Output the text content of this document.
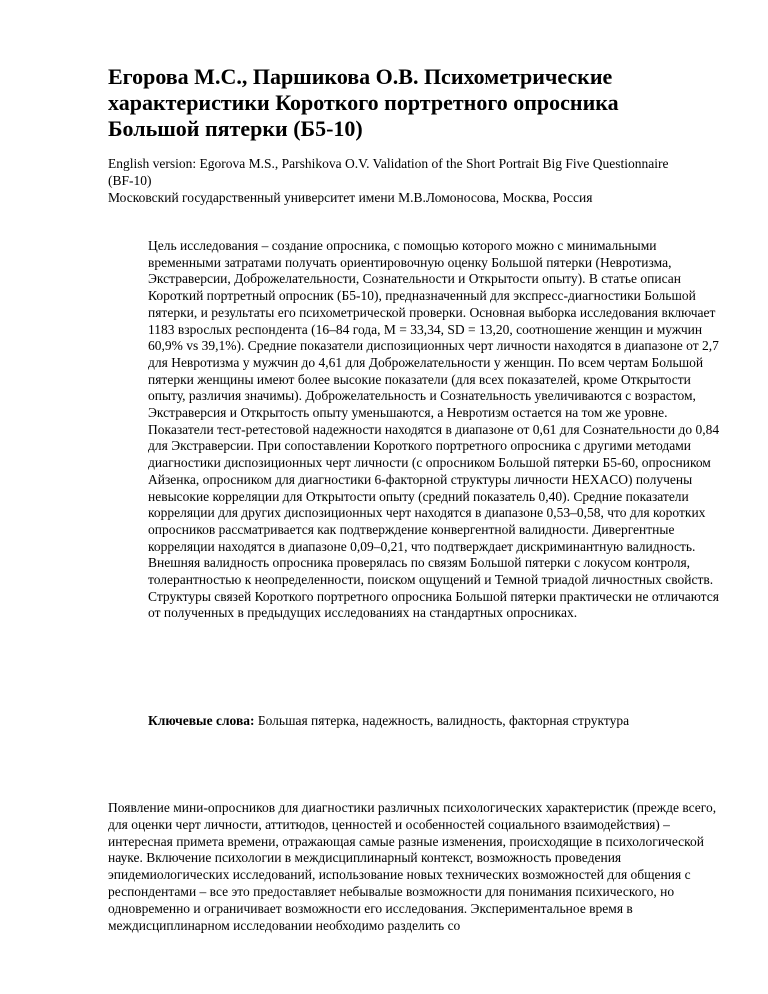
Егорова М.С., Паршикова О.В. Психометрические характеристики Короткого портретного опросника Большой пятерки (Б5-10)
English version: Egorova M.S., Parshikova O.V. Validation of the Short Portrait Big Five Questionnaire (BF-10)
Московский государственный университет имени М.В.Ломоносова, Москва, Россия

Цель исследования – создание опросника, с помощью которого можно с минимальными временными затратами получать ориентировочную оценку Большой пятерки (Невротизма, Экстраверсии, Доброжелательности, Сознательности и Открытости опыту). В статье описан Короткий портретный опросник (Б5-10), предназначенный для экспресс-диагностики Большой пятерки, и результаты его психометрической проверки. Основная выборка исследования включает 1183 взрослых респондента (16–84 года, M = 33,34, SD = 13,20, соотношение женщин и мужчин 60,9% vs 39,1%). Средние показатели диспозиционных черт личности находятся в диапазоне от 2,7 для Невротизма у мужчин до 4,61 для Доброжелательности у женщин. По всем чертам Большой пятерки женщины имеют более высокие показатели (для всех показателей, кроме Открытости опыту, различия значимы). Доброжелательность и Сознательность увеличиваются с возрастом, Экстраверсия и Открытость опыту уменьшаются, а Невротизм остается на том же уровне. Показатели тест-ретестовой надежности находятся в диапазоне от 0,61 для Сознательности до 0,84 для Экстраверсии. При сопоставлении Короткого портретного опросника с другими методами диагностики диспозиционных черт личности (с опросником Большой пятерки Б5-60, опросником Айзенка, опросником для диагностики 6-факторной структуры личности HEXACO) получены невысокие корреляции для Открытости опыту (средний показатель 0,40). Средние показатели корреляции для других диспозиционных черт находятся в диапазоне 0,53–0,58, что для коротких опросников рассматривается как подтверждение конвергентной валидности. Дивергентные корреляции находятся в диапазоне 0,09–0,21, что подтверждает дискриминантную валидность. Внешняя валидность опросника проверялась по связям Большой пятерки с локусом контроля, толерантностью к неопределенности, поиском ощущений и Темной триадой личностных свойств. Структуры связей Короткого портретного опросника Большой пятерки практически не отличаются от полученных в предыдущих исследованиях на стандартных опросниках.

Ключевые слова: Большая пятерка, надежность, валидность, факторная структура

Появление мини-опросников для диагностики различных психологических характеристик (прежде всего, для оценки черт личности, аттитюдов, ценностей и особенностей социального взаимодействия) – интересная примета времени, отражающая самые разные изменения, происходящие в психологической науке. Включение психологии в междисциплинарный контекст, возможность проведения эпидемиологических исследований, использование новых технических возможностей для общения с респондентами – все это предоставляет небывалые возможности для понимания психического, но одновременно и ограничивает возможности его исследования. Экспериментальное время в междисциплинарном исследовании необходимо разделить со
